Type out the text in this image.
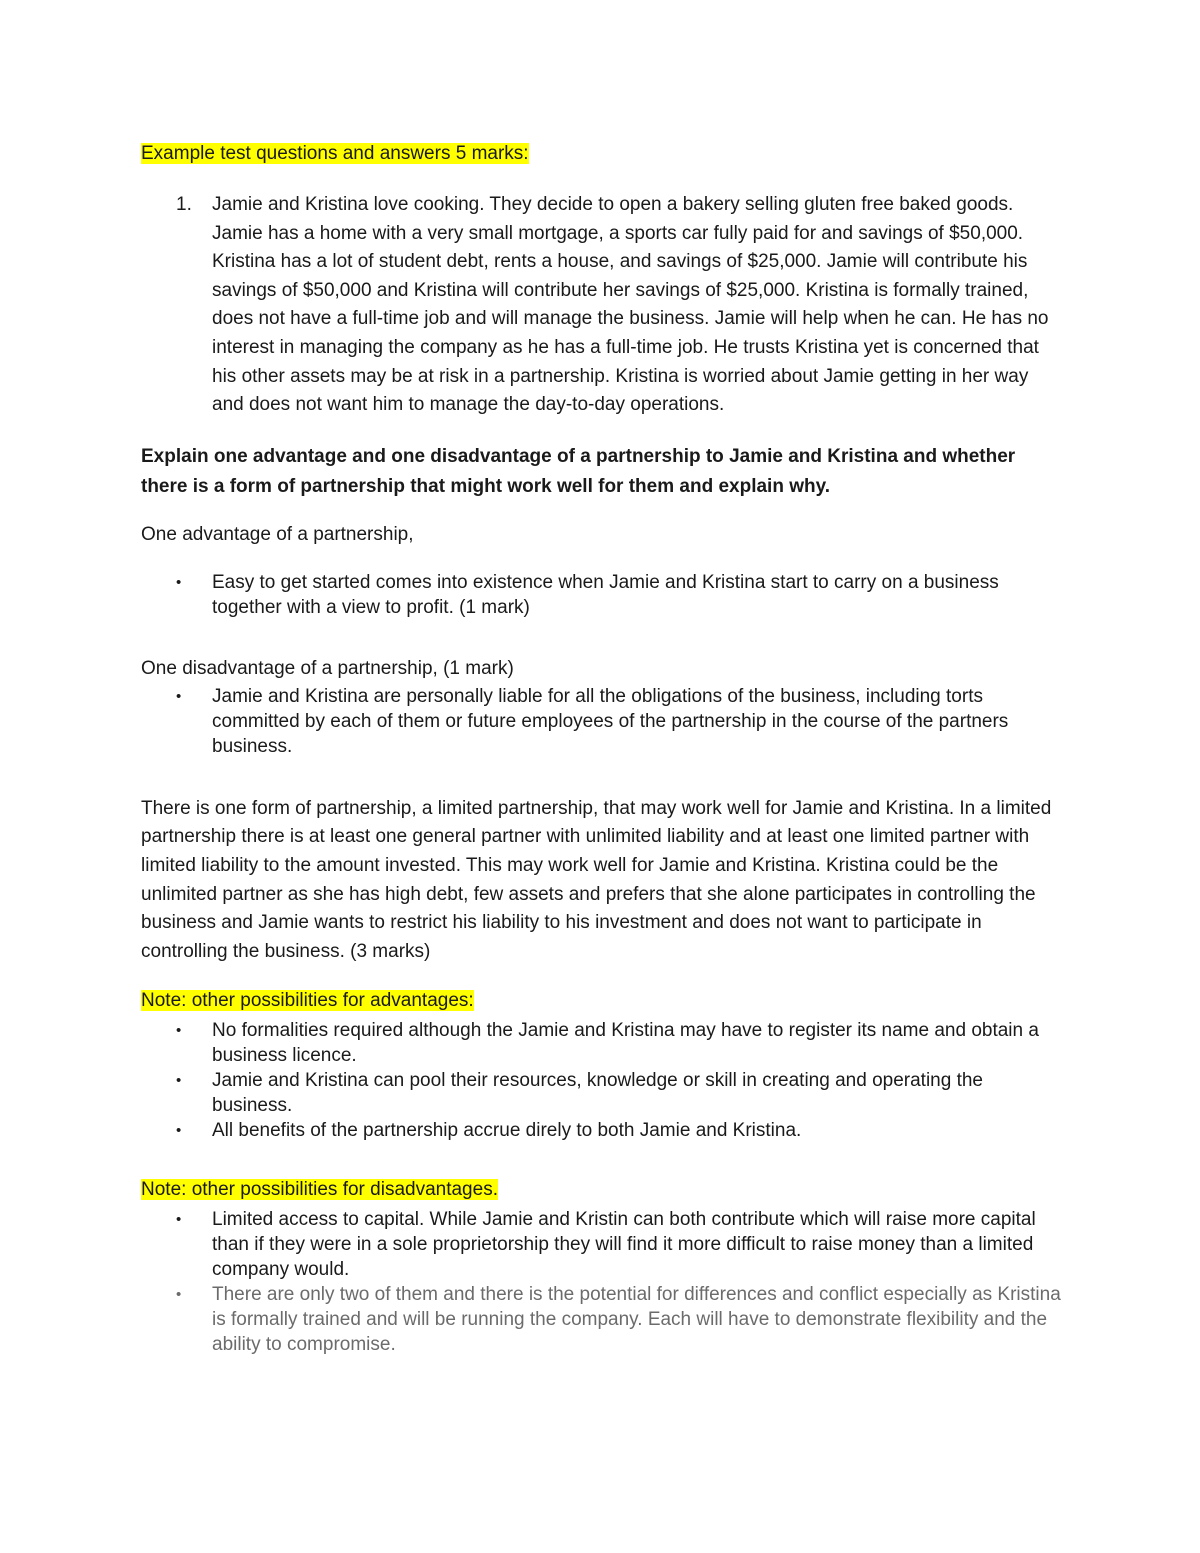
Example test questions and answers 5 marks:

1. Jamie and Kristina love cooking. They decide to open a bakery selling gluten free baked goods. Jamie has a home with a very small mortgage, a sports car fully paid for and savings of $50,000. Kristina has a lot of student debt, rents a house, and savings of $25,000. Jamie will contribute his savings of $50,000 and Kristina will contribute her savings of $25,000. Kristina is formally trained, does not have a full-time job and will manage the business. Jamie will help when he can. He has no interest in managing the company as he has a full-time job. He trusts Kristina yet is concerned that his other assets may be at risk in a partnership. Kristina is worried about Jamie getting in her way and does not want him to manage the day-to-day operations.

Explain one advantage and one disadvantage of a partnership to Jamie and Kristina and whether there is a form of partnership that might work well for them and explain why.

One advantage of a partnership,

• Easy to get started comes into existence when Jamie and Kristina start to carry on a business together with a view to profit. (1 mark)

One disadvantage of a partnership, (1 mark)

• Jamie and Kristina are personally liable for all the obligations of the business, including torts committed by each of them or future employees of the partnership in the course of the partners business.

There is one form of partnership, a limited partnership, that may work well for Jamie and Kristina. In a limited partnership there is at least one general partner with unlimited liability and at least one limited partner with limited liability to the amount invested. This may work well for Jamie and Kristina. Kristina could be the unlimited partner as she has high debt, few assets and prefers that she alone participates in controlling the business and Jamie wants to restrict his liability to his investment and does not want to participate in controlling the business. (3 marks)

Note: other possibilities for advantages:

• No formalities required although the Jamie and Kristina may have to register its name and obtain a business licence.
• Jamie and Kristina can pool their resources, knowledge or skill in creating and operating the business.
• All benefits of the partnership accrue direly to both Jamie and Kristina.

Note: other possibilities for disadvantages.

• Limited access to capital. While Jamie and Kristin can both contribute which will raise more capital than if they were in a sole proprietorship they will find it more difficult to raise money than a limited company would.
• There are only two of them and there is the potential for differences and conflict especially as Kristina is formally trained and will be running the company. Each will have to demonstrate flexibility and the ability to compromise.
